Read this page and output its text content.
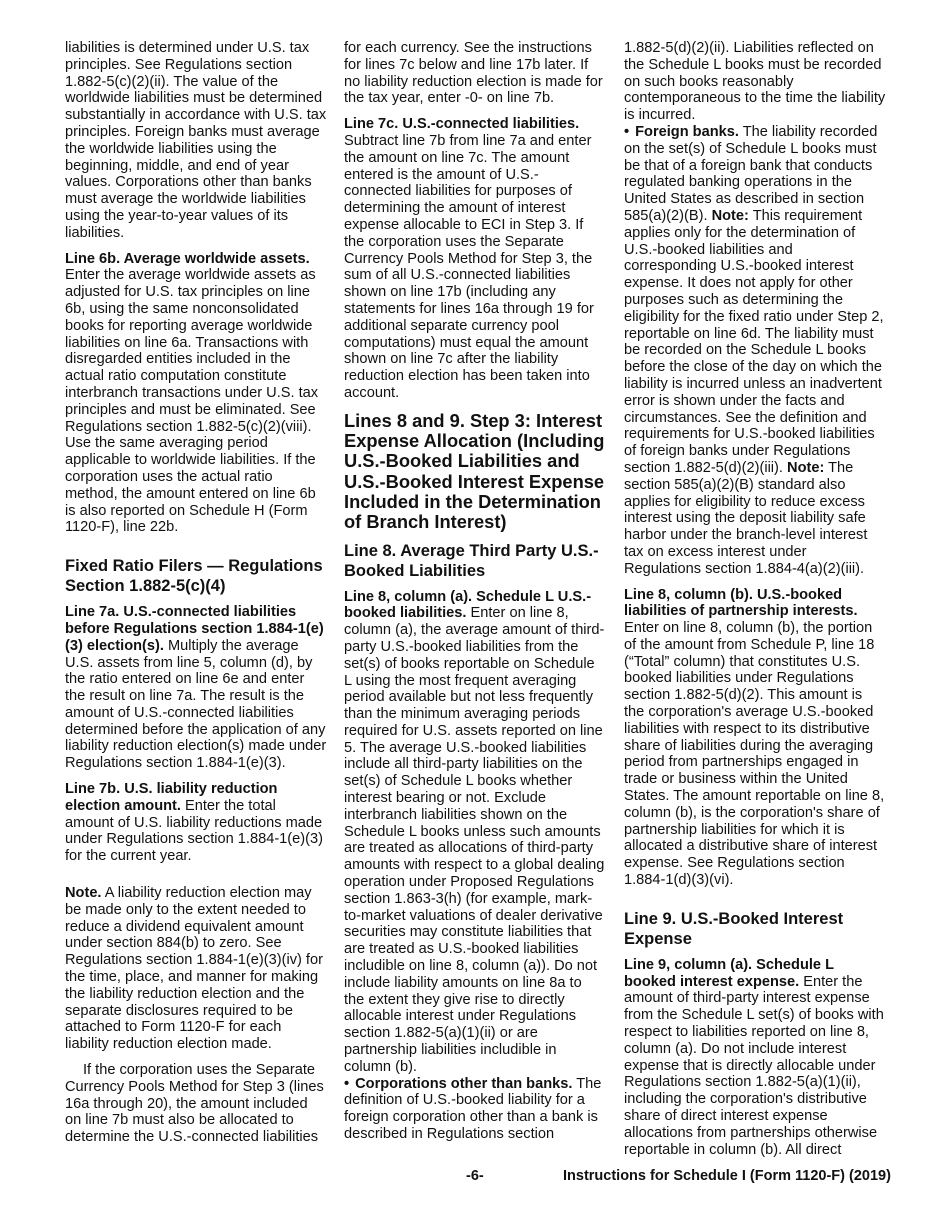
liabilities is determined under U.S. tax principles. See Regulations section 1.882-5(c)(2)(ii). The value of the worldwide liabilities must be determined substantially in accordance with U.S. tax principles. Foreign banks must average the worldwide liabilities using the beginning, middle, and end of year values. Corporations other than banks must average the worldwide liabilities using the year-to-year values of its liabilities.

Line 6b. Average worldwide assets. Enter the average worldwide assets as adjusted for U.S. tax principles on line 6b, using the same nonconsolidated books for reporting average worldwide liabilities on line 6a. Transactions with disregarded entities included in the actual ratio computation constitute interbranch transactions under U.S. tax principles and must be eliminated. See Regulations section 1.882-5(c)(2)(viii). Use the same averaging period applicable to worldwide liabilities. If the corporation uses the actual ratio method, the amount entered on line 6b is also reported on Schedule H (Form 1120-F), line 22b.

Fixed Ratio Filers — Regulations Section 1.882-5(c)(4)

Line 7a. U.S.-connected liabilities before Regulations section 1.884-1(e)(3) election(s). Multiply the average U.S. assets from line 5, column (d), by the ratio entered on line 6e and enter the result on line 7a. The result is the amount of U.S.-connected liabilities determined before the application of any liability reduction election(s) made under Regulations section 1.884-1(e)(3).

Line 7b. U.S. liability reduction election amount. Enter the total amount of U.S. liability reductions made under Regulations section 1.884-1(e)(3) for the current year.

Note. A liability reduction election may be made only to the extent needed to reduce a dividend equivalent amount under section 884(b) to zero. See Regulations section 1.884-1(e)(3)(iv) for the time, place, and manner for making the liability reduction election and the separate disclosures required to be attached to Form 1120-F for each liability reduction election made.

If the corporation uses the Separate Currency Pools Method for Step 3 (lines 16a through 20), the amount included on line 7b must also be allocated to determine the U.S.-connected liabilities

for each currency. See the instructions for lines 7c below and line 17b later. If no liability reduction election is made for the tax year, enter -0- on line 7b.

Line 7c. U.S.-connected liabilities. Subtract line 7b from line 7a and enter the amount on line 7c. The amount entered is the amount of U.S.-connected liabilities for purposes of determining the amount of interest expense allocable to ECI in Step 3. If the corporation uses the Separate Currency Pools Method for Step 3, the sum of all U.S.-connected liabilities shown on line 17b (including any statements for lines 16a through 19 for additional separate currency pool computations) must equal the amount shown on line 7c after the liability reduction election has been taken into account.

Lines 8 and 9. Step 3: Interest Expense Allocation (Including U.S.-Booked Liabilities and U.S.-Booked Interest Expense Included in the Determination of Branch Interest)
Line 8. Average Third Party U.S.-Booked Liabilities

Line 8, column (a). Schedule L U.S.-booked liabilities. Enter on line 8, column (a), the average amount of third-party U.S.-booked liabilities from the set(s) of books reportable on Schedule L using the most frequent averaging period available but not less frequently than the minimum averaging periods required for U.S. assets reported on line 5. The average U.S.-booked liabilities include all third-party liabilities on the set(s) of Schedule L books whether interest bearing or not. Exclude interbranch liabilities shown on the Schedule L books unless such amounts are treated as allocations of third-party amounts with respect to a global dealing operation under Proposed Regulations section 1.863-3(h) (for example, mark-to-market valuations of dealer derivative securities may constitute liabilities that are treated as U.S.-booked liabilities includible on line 8, column (a)). Do not include liability amounts on line 8a to the extent they give rise to directly allocable interest under Regulations section 1.882-5(a)(1)(ii) or are partnership liabilities includible in column (b).

• Corporations other than banks. The definition of U.S.-booked liability for a foreign corporation other than a bank is described in Regulations section

1.882-5(d)(2)(ii). Liabilities reflected on the Schedule L books must be recorded on such books reasonably contemporaneous to the time the liability is incurred.

• Foreign banks. The liability recorded on the set(s) of Schedule L books must be that of a foreign bank that conducts regulated banking operations in the United States as described in section 585(a)(2)(B). Note: This requirement applies only for the determination of U.S.-booked liabilities and corresponding U.S.-booked interest expense. It does not apply for other purposes such as determining the eligibility for the fixed ratio under Step 2, reportable on line 6d. The liability must be recorded on the Schedule L books before the close of the day on which the liability is incurred unless an inadvertent error is shown under the facts and circumstances. See the definition and requirements for U.S.-booked liabilities of foreign banks under Regulations section 1.882-5(d)(2)(iii). Note: The section 585(a)(2)(B) standard also applies for eligibility to reduce excess interest using the deposit liability safe harbor under the branch-level interest tax on excess interest under Regulations section 1.884-4(a)(2)(iii).

Line 8, column (b). U.S.-booked liabilities of partnership interests. Enter on line 8, column (b), the portion of the amount from Schedule P, line 18 (“Total” column) that constitutes U.S. booked liabilities under Regulations section 1.882-5(d)(2). This amount is the corporation's average U.S.-booked liabilities with respect to its distributive share of liabilities during the averaging period from partnerships engaged in trade or business within the United States. The amount reportable on line 8, column (b), is the corporation's share of partnership liabilities for which it is allocated a distributive share of interest expense. See Regulations section 1.884-1(d)(3)(vi).

Line 9. U.S.-Booked Interest Expense

Line 9, column (a). Schedule L booked interest expense. Enter the amount of third-party interest expense from the Schedule L set(s) of books with respect to liabilities reported on line 8, column (a). Do not include interest expense that is directly allocable under Regulations section 1.882-5(a)(1)(ii), including the corporation's distributive share of direct interest expense allocations from partnerships otherwise reportable in column (b). All direct

-6-	Instructions for Schedule I (Form 1120-F) (2019)
